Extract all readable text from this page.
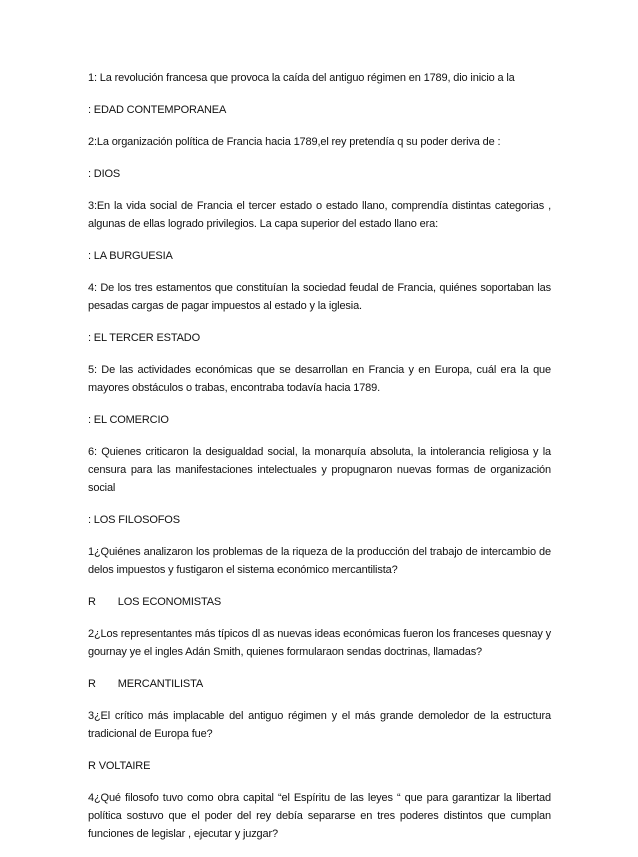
1: La revolución francesa que provoca la caída del antiguo régimen en 1789, dio inicio a la

: EDAD CONTEMPORANEA

2:La organización política de Francia hacia 1789,el rey pretendía q su poder deriva de :

: DIOS

3:En la vida social de Francia el tercer estado o estado llano, comprendía distintas categorias , algunas de ellas logrado privilegios. La capa superior del estado llano era:

: LA BURGUESIA

4: De los tres estamentos que constituían la sociedad feudal de Francia, quiénes soportaban las pesadas cargas de pagar impuestos al estado y la iglesia.

: EL TERCER ESTADO

5: De las actividades económicas que se desarrollan en Francia y en Europa, cuál era la que mayores obstáculos o trabas, encontraba todavía hacia 1789.

: EL COMERCIO

6: Quienes criticaron la desigualdad social, la monarquía absoluta, la intolerancia religiosa y la censura para las manifestaciones intelectuales y propugnaron nuevas formas de organización social

: LOS FILOSOFOS

1¿Quiénes analizaron los problemas de la riqueza de la producción del trabajo de intercambio de delos impuestos y fustigaron el sistema económico mercantilista?

R LOS ECONOMISTAS

2¿Los representantes más típicos dl as nuevas ideas económicas fueron los franceses quesnay y gournay ye el ingles Adán Smith, quienes formularaon sendas doctrinas, llamadas?

R MERCANTILISTA

3¿El crítico más implacable del antiguo régimen y el más grande demoledor de la estructura tradicional de Europa fue?

R VOLTAIRE

4¿Qué filosofo tuvo como obra capital “el Espíritu de las leyes “ que para garantizar la libertad política sostuvo que el poder del rey debía separarse en tres poderes distintos que cumplan funciones de legislar , ejecutar y juzgar?
